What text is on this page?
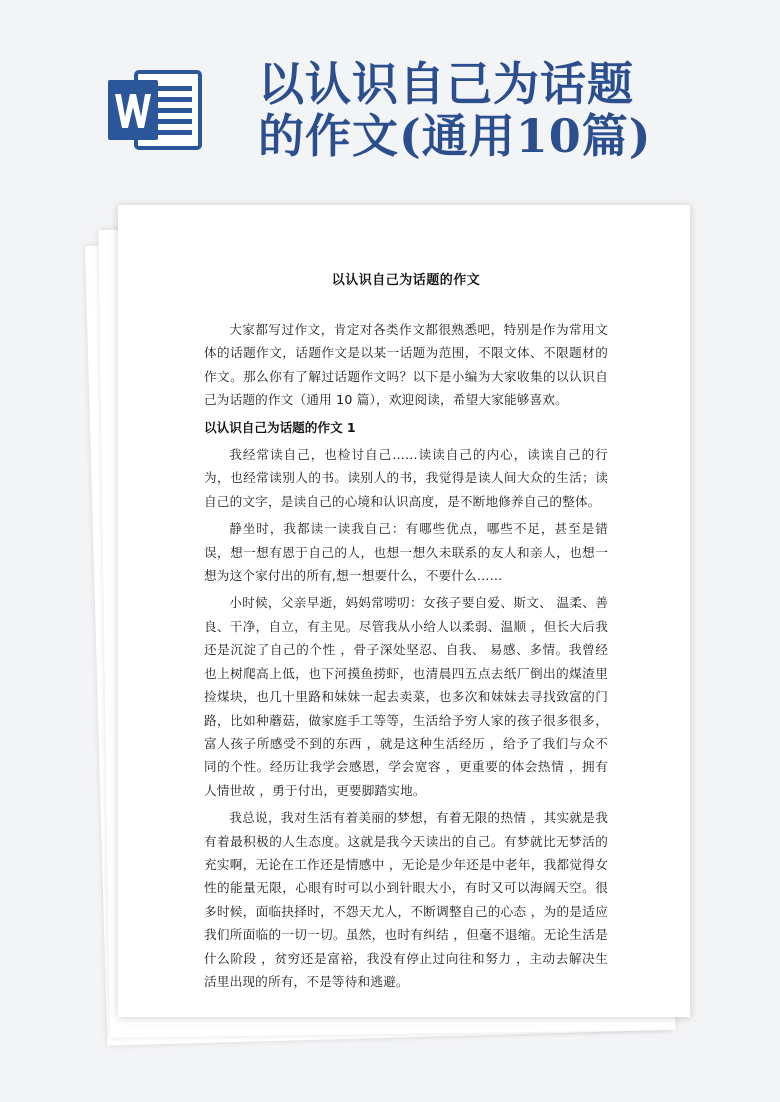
以认识自己为话题
的作文(通用10篇)
以认识自己为话题的作文

大家都写过作文，肯定对各类作文都很熟悉吧，特别是作为常用文体的话题作文，话题作文是以某一话题为范围，不限文体、不限题材的作文。那么你有了解过话题作文吗？以下是小编为大家收集的以认识自己为话题的作文（通用 10 篇），欢迎阅读，希望大家能够喜欢。

以认识自己为话题的作文 1

我经常读自己，也检讨自己……读读自己的内心，读读自己的行为，也经常读别人的书。读别人的书，我觉得是读人间大众的生活；读自己的文字，是读自己的心境和认识高度，是不断地修养自己的整体。

静坐时，我都读一读我自己：有哪些优点，哪些不足，甚至是错误，想一想有恩于自己的人，也想一想久未联系的友人和亲人，也想一想为这个家付出的所有,想一想要什么，不要什么……

小时候，父亲早逝，妈妈常唠叨：女孩子要自爱、斯文、 温柔、善良、干净，自立，有主见。尽管我从小给人以柔弱、温顺 ，但长大后我还是沉淀了自己的个性 ，骨子深处坚忍、自我、 易感、多情。我曾经也上树爬高上低，也下河摸鱼捞虾，也清晨四五点去纸厂倒出的煤渣里捡煤块，也几十里路和妹妹一起去卖菜，也多次和妹妹去寻找致富的门路，比如种蘑菇，做家庭手工等等，生活给予穷人家的孩子很多很多，富人孩子所感受不到的东西 ，就是这种生活经历 ，给予了我们与众不同的个性。经历让我学会感恩，学会宽容 ，更重要的体会热情 ，拥有人情世故 ，勇于付出，更要脚踏实地。

我总说，我对生活有着美丽的梦想，有着无限的热情 ，其实就是我有着最积极的人生态度。这就是我今天读出的自己。有梦就比无梦活的充实啊，无论在工作还是情感中 ，无论是少年还是中老年，我都觉得女性的能量无限，心眼有时可以小到针眼大小，有时又可以海阔天空。很多时候，面临抉择时，不怨天尤人，不断调整自己的心态 ，为的是适应我们所面临的一切一切。虽然，也时有纠结 ，但毫不退缩。无论生活是什么阶段 ，贫穷还是富裕，我没有停止过向往和努力 ，主动去解决生活里出现的所有，不是等待和逃避。
